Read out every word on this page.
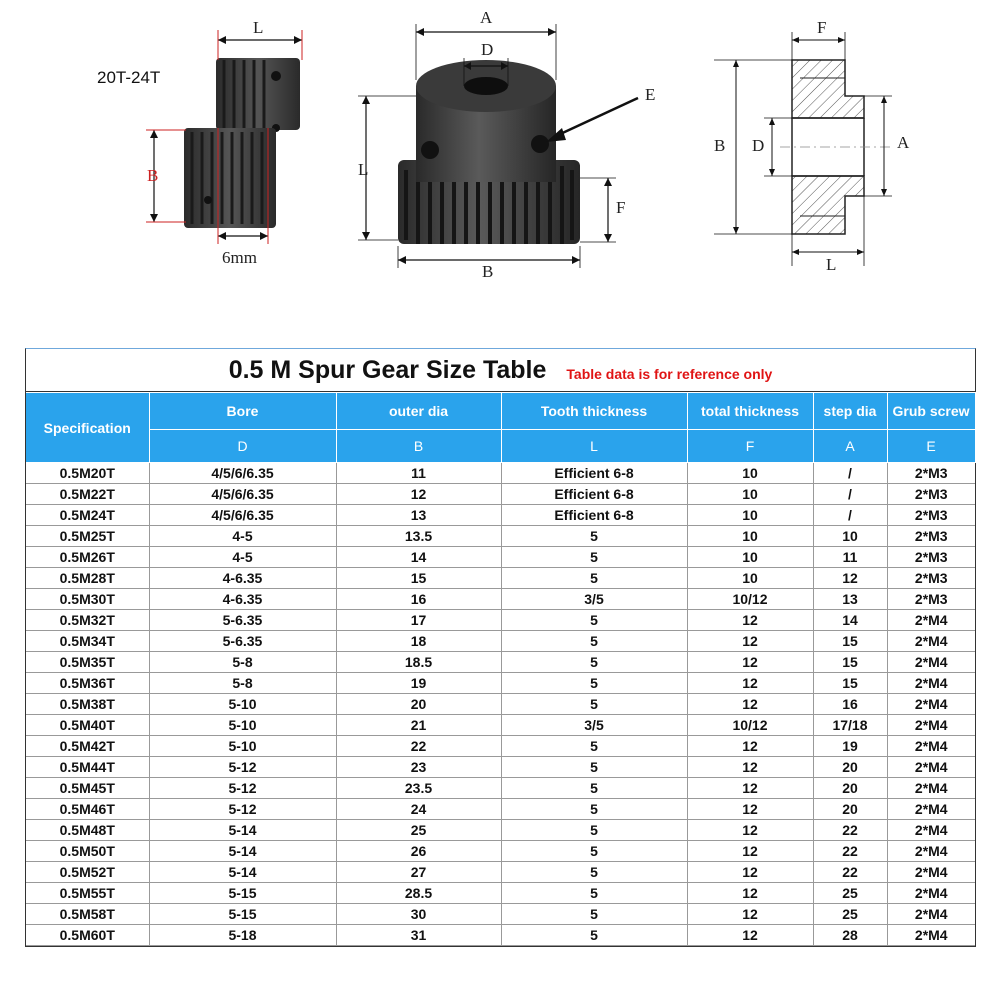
20T-24T
L
B
6mm
A
D
E
L
F
B
F
B D	A
L
0.5 M Spur Gear Size Table Table data is for reference only
Specification	Bore	outer dia	Tooth thickness	total thickness	step dia	Grub screw
	D	B	L	F	A	E
0.5M20T	4/5/6/6.35	11	Efficient 6-8	10	/	2*M3
0.5M22T	4/5/6/6.35	12	Efficient 6-8	10	/	2*M3
0.5M24T	4/5/6/6.35	13	Efficient 6-8	10	/	2*M3
0.5M25T	4-5	13.5	5	10	10	2*M3
0.5M26T	4-5	14	5	10	11	2*M3
0.5M28T	4-6.35	15	5	10	12	2*M3
0.5M30T	4-6.35	16	3/5	10/12	13	2*M3
0.5M32T	5-6.35	17	5	12	14	2*M4
0.5M34T	5-6.35	18	5	12	15	2*M4
0.5M35T	5-8	18.5	5	12	15	2*M4
0.5M36T	5-8	19	5	12	15	2*M4
0.5M38T	5-10	20	5	12	16	2*M4
0.5M40T	5-10	21	3/5	10/12	17/18	2*M4
0.5M42T	5-10	22	5	12	19	2*M4
0.5M44T	5-12	23	5	12	20	2*M4
0.5M45T	5-12	23.5	5	12	20	2*M4
0.5M46T	5-12	24	5	12	20	2*M4
0.5M48T	5-14	25	5	12	22	2*M4
0.5M50T	5-14	26	5	12	22	2*M4
0.5M52T	5-14	27	5	12	22	2*M4
0.5M55T	5-15	28.5	5	12	25	2*M4
0.5M58T	5-15	30	5	12	25	2*M4
0.5M60T	5-18	31	5	12	28	2*M4
